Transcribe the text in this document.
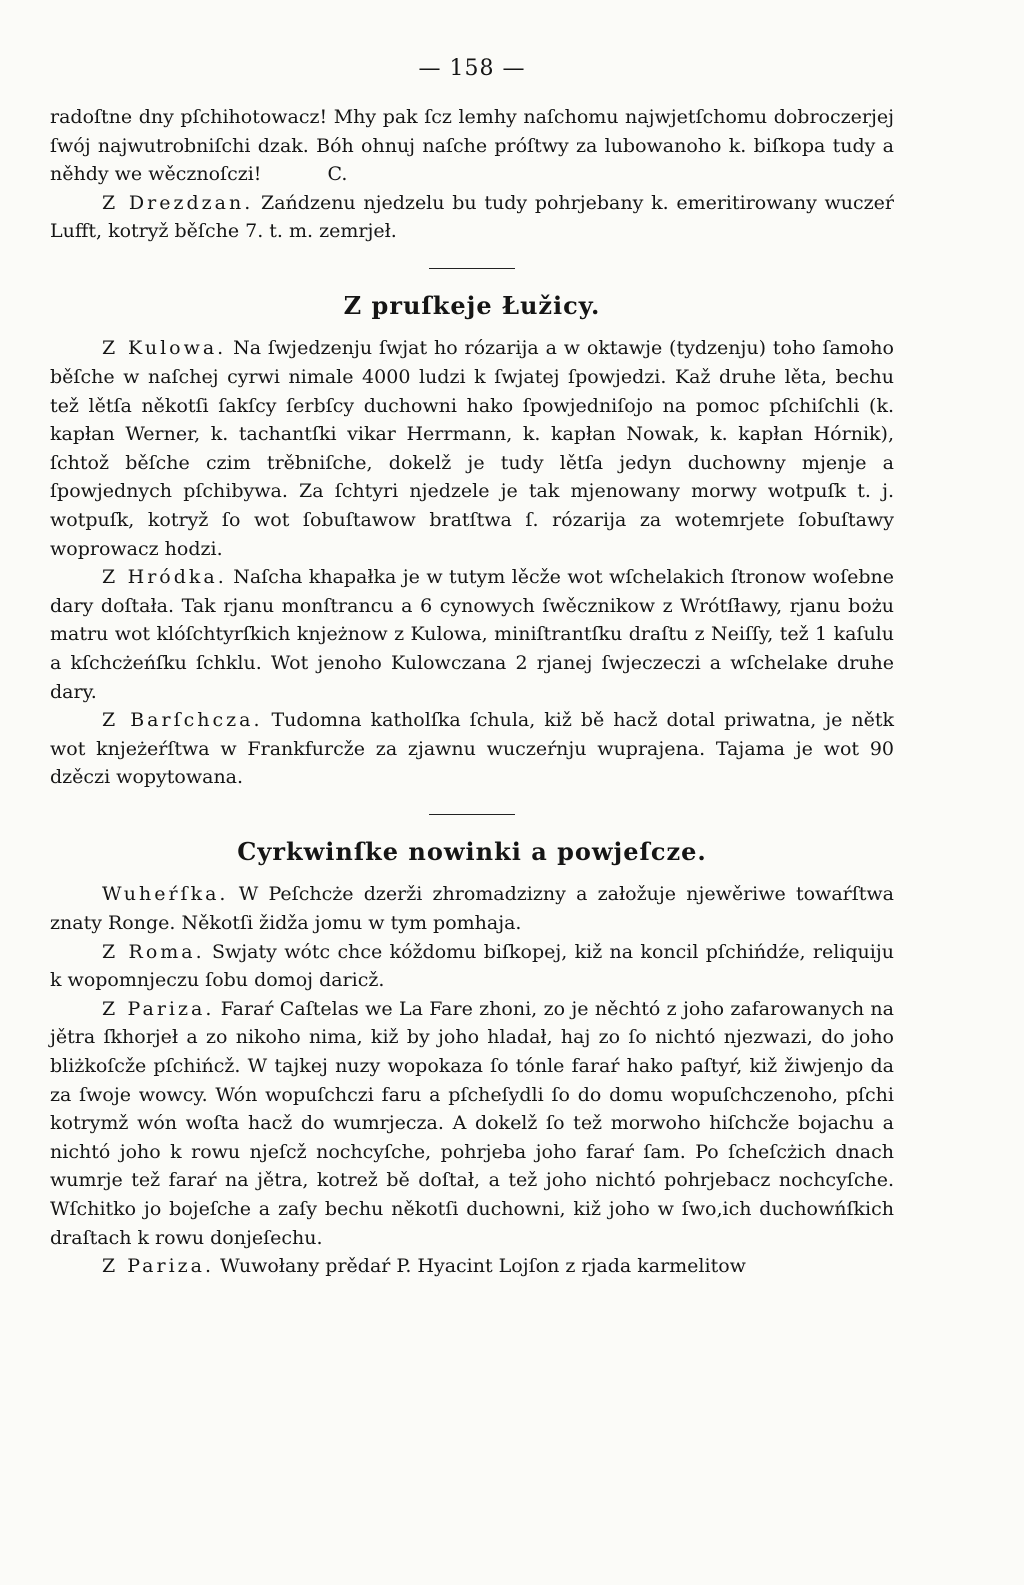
— 158 —

radoſtne dny pſchihotowacz! Mhy pak ſcz lemhy naſchomu najwjetſchomu dobroczerjej ſwój najwutrobniſchi dzak. Bóh ohnuj naſche próſtwy za lubowanoho k. biſkopa tudy a něhdy we wěcznoſczi!	C.

Z Drezdzan. Zańdzenu njedzelu bu tudy pohrjebany k. emeritirowany wuczeŕ Lufft, kotryž běſche 7. t. m. zemrjeł.

Z pruſkeje Łužicy.

Z Kulowa. Na ſwjedzenju ſwjat ho rózarija a w oktawje (tydzenju) toho ſamoho běſche w naſchej cyrwi nimale 4000 ludzi k ſwjatej ſpowjedzi. Kaž druhe lěta, bechu tež lětſa někotſi ſakſcy ſerbſcy duchowni hako ſpowjedniſojo na pomoc pſchiſchli (k. kapłan Werner, k. tachantſki vikar Herrmann, k. kapłan Nowak, k. kapłan Hórnik), ſchtož běſche czim trěbniſche, dokelž je tudy lětſa jedyn duchowny mjenje a ſpowjednych pſchibywa. Za ſchtyri njedzele je tak mjenowany morwy wotpuſk t. j. wotpuſk, kotryž ſo wot ſobuſtawow bratſtwa ſ. rózarija za wotemrjete ſobuſtawy woprowacz hodzi.

Z Hródka. Naſcha khapałka je w tutym lěcže wot wſchelakich ſtronow woſebne dary doſtała. Tak rjanu monſtrancu a 6 cynowych ſwěcznikow z Wrótſławy, rjanu bożu matru wot klóſchtyrſkich knjeżnow z Kulowa, miniſtrantſku draſtu z Neiſſy, tež 1 kaſulu a kſchcżeńſku ſchklu. Wot jenoho Kulowczana 2 rjanej ſwjeczeczi a wſchelake druhe dary.

Z Barſchcza. Tudomna katholſka ſchula, kiž bě hacž dotal priwatna, je nětk wot knjeżeŕſtwa w Frankfurcže za zjawnu wuczeŕnju wuprajena. Tajama je wot 90 dzěczi wopytowana.

Cyrkwinſke nowinki a powjeſcze.

Wuheŕſka. W Peſchcże dzerži zhromadzizny a załožuje njewěriwe towaŕſtwa znaty Ronge. Někotſi židža jomu w tym pomhaja.

Z Roma. Swjaty wótc chce kóždomu biſkopej, kiž na koncil pſchińdźe, reliquiju k wopomnjeczu ſobu domoj daricž.

Z Pariza. Faraŕ Caſtelas we La Fare zhoni, zo je něchtó z joho zafarowanych na jětra ſkhorjeł a zo nikoho nima, kiž by joho hladał, haj zo ſo nichtó njezwazi, do joho bliżkoſcže pſchińcž. W tajkej nuzy wopokaza ſo tónle faraŕ hako paſtyŕ, kiž žiwjenjo da za ſwoje wowcy. Wón wopuſchczi faru a pſcheſydli ſo do domu wopuſchczenoho, pſchi kotrymž wón woſta hacž do wumrjecza. A dokelž ſo tež morwoho hiſchcže bojachu a nichtó joho k rowu njeſcž nochcyſche, pohrjeba joho faraŕ ſam. Po ſcheſcżich dnach wumrje tež faraŕ na jětra, kotrež bě doſtał, a tež joho nichtó pohrjebacz nochcyſche. Wſchitko jo bojeſche a zaſy bechu někotſi duchowni, kiž joho w ſwo‚ich duchowńſkich draſtach k rowu donjeſechu.

Z Pariza. Wuwołany prědaŕ P. Hyacint Lojſon z rjada karmelitow
